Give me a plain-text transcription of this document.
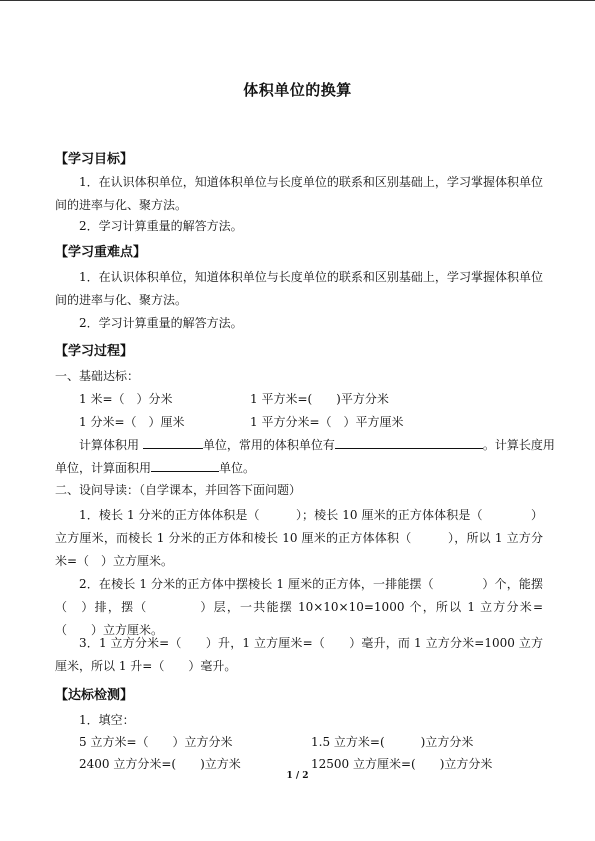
体积单位的换算
【学习目标】
1．在认识体积单位，知道体积单位与长度单位的联系和区别基础上，学习掌握体积单位间的进率与化、聚方法。
2．学习计算重量的解答方法。
【学习重难点】
1．在认识体积单位，知道体积单位与长度单位的联系和区别基础上，学习掌握体积单位间的进率与化、聚方法。
2．学习计算重量的解答方法。
【学习过程】
一、基础达标：
1 米=（　）分米	1 平方米=(　　)平方分米
1 分米=（　）厘米	1 平方分米=（　）平方厘米
计算体积用	单位，常用的体积单位有	。计算长度用
单位，计算面积用	单位。
二、设问导读：（自学课本，并回答下面问题）
1．棱长 1 分米的正方体体积是（　　　）；棱长 10 厘米的正方体体积是（　　　　）立方厘米，而棱长 1 分米的正方体和棱长 10 厘米的正方体体积（　　　），所以 1 立方分米=（　）立方厘米。
2．在棱长 1 分米的正方体中摆棱长 1 厘米的正方体，一排能摆（　　　　）个，能摆（　）排，摆（　　　　）层，一共能摆 10×10×10=1000 个，所以 1 立方分米=（　　）立方厘米。
3．1 立方分米=（　　）升，1 立方厘米=（　　）毫升，而 1 立方分米=1000 立方厘米，所以 1 升=（　　）毫升。
【达标检测】
1．填空：
5 立方米=（　　）立方分米	1.5 立方米=(　　　)立方分米
2400 立方分米=(　　)立方米	12500 立方厘米=(　　)立方分米
1 / 2
